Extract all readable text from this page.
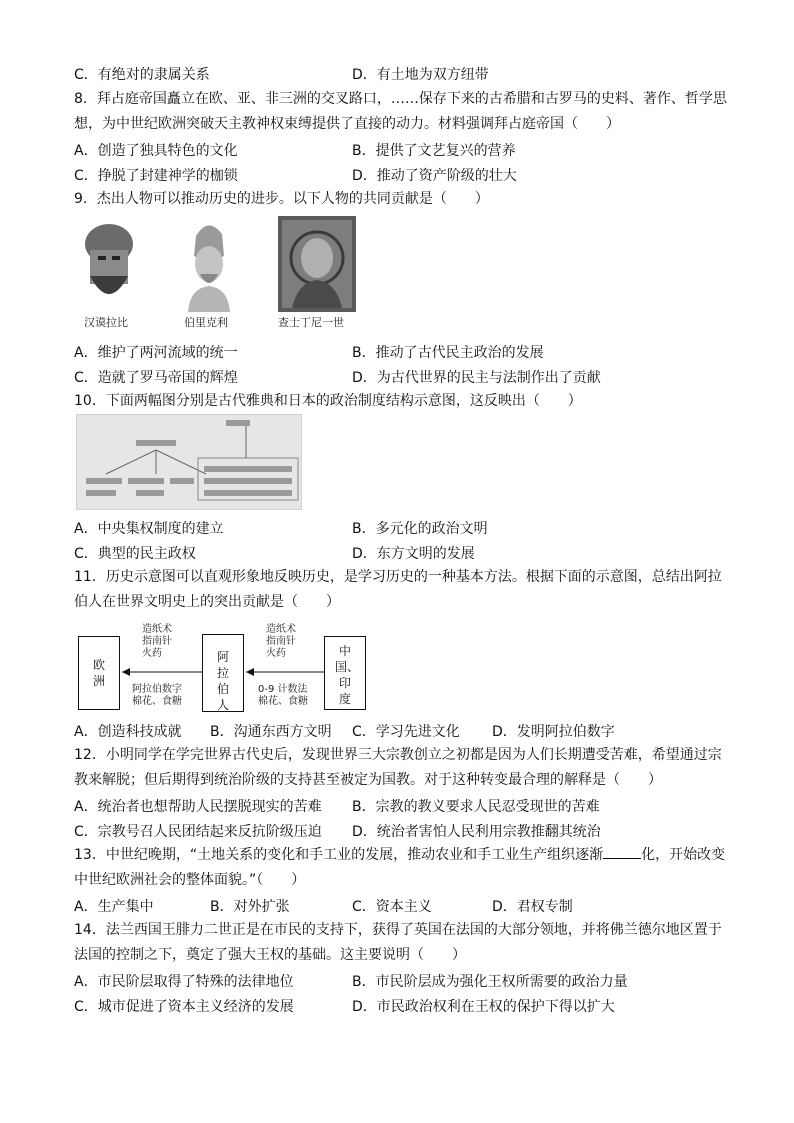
C．有绝对的隶属关系	D．有土地为双方纽带
8．拜占庭帝国矗立在欧、亚、非三洲的交叉路口，……保存下来的古希腊和古罗马的史料、著作、哲学思
想，为中世纪欧洲突破天主教神权束缚提供了直接的动力。材料强调拜占庭帝国（　　）
A．创造了独具特色的文化	B．提供了文艺复兴的营养
C．挣脱了封建神学的枷锁	D．推动了资产阶级的壮大
9．杰出人物可以推动历史的进步。以下人物的共同贡献是（　　）
汉谟拉比	伯里克利	查士丁尼一世
A．维护了两河流域的统一	B．推动了古代民主政治的发展
C．造就了罗马帝国的辉煌	D．为古代世界的民主与法制作出了贡献
10．下面两幅图分别是古代雅典和日本的政治制度结构示意图，这反映出（　　）
A．中央集权制度的建立	B．多元化的政治文明
C．典型的民主政权	D．东方文明的发展
11．历史示意图可以直观形象地反映历史，是学习历史的一种基本方法。根据下面的示意图，总结出阿拉
伯人在世界文明史上的突出贡献是（　　）
欧洲
阿拉伯人
中国、印度
造纸术
指南针
火药
阿拉伯数字
棉花、食糖
造纸术
指南针
火药
0-9 计数法
棉花、食糖
A．创造科技成就 B．沟通东西方文明 C．学习先进文化 D．发明阿拉伯数字
12．小明同学在学完世界古代史后，发现世界三大宗教创立之初都是因为人们长期遭受苦难，希望通过宗
教来解脱；但后期得到统治阶级的支持甚至被定为国教。对于这种转变最合理的解释是（　　）
A．统治者也想帮助人民摆脱现实的苦难 B．宗教的教义要求人民忍受现世的苦难
C．宗教号召人民团结起来反抗阶级压迫 D．统治者害怕人民利用宗教推翻其统治
13．中世纪晚期，“土地关系的变化和手工业的发展，推动农业和手工业生产组织逐渐	化，开始改变
中世纪欧洲社会的整体面貌。”（　　）
A．生产集中	B．对外扩张	C．资本主义	D．君权专制
14．法兰西国王腓力二世正是在市民的支持下，获得了英国在法国的大部分领地，并将佛兰德尔地区置于
法国的控制之下，奠定了强大王权的基础。这主要说明（　　）
A．市民阶层取得了特殊的法律地位	B．市民阶层成为强化王权所需要的政治力量
C．城市促进了资本主义经济的发展	D．市民政治权利在王权的保护下得以扩大
